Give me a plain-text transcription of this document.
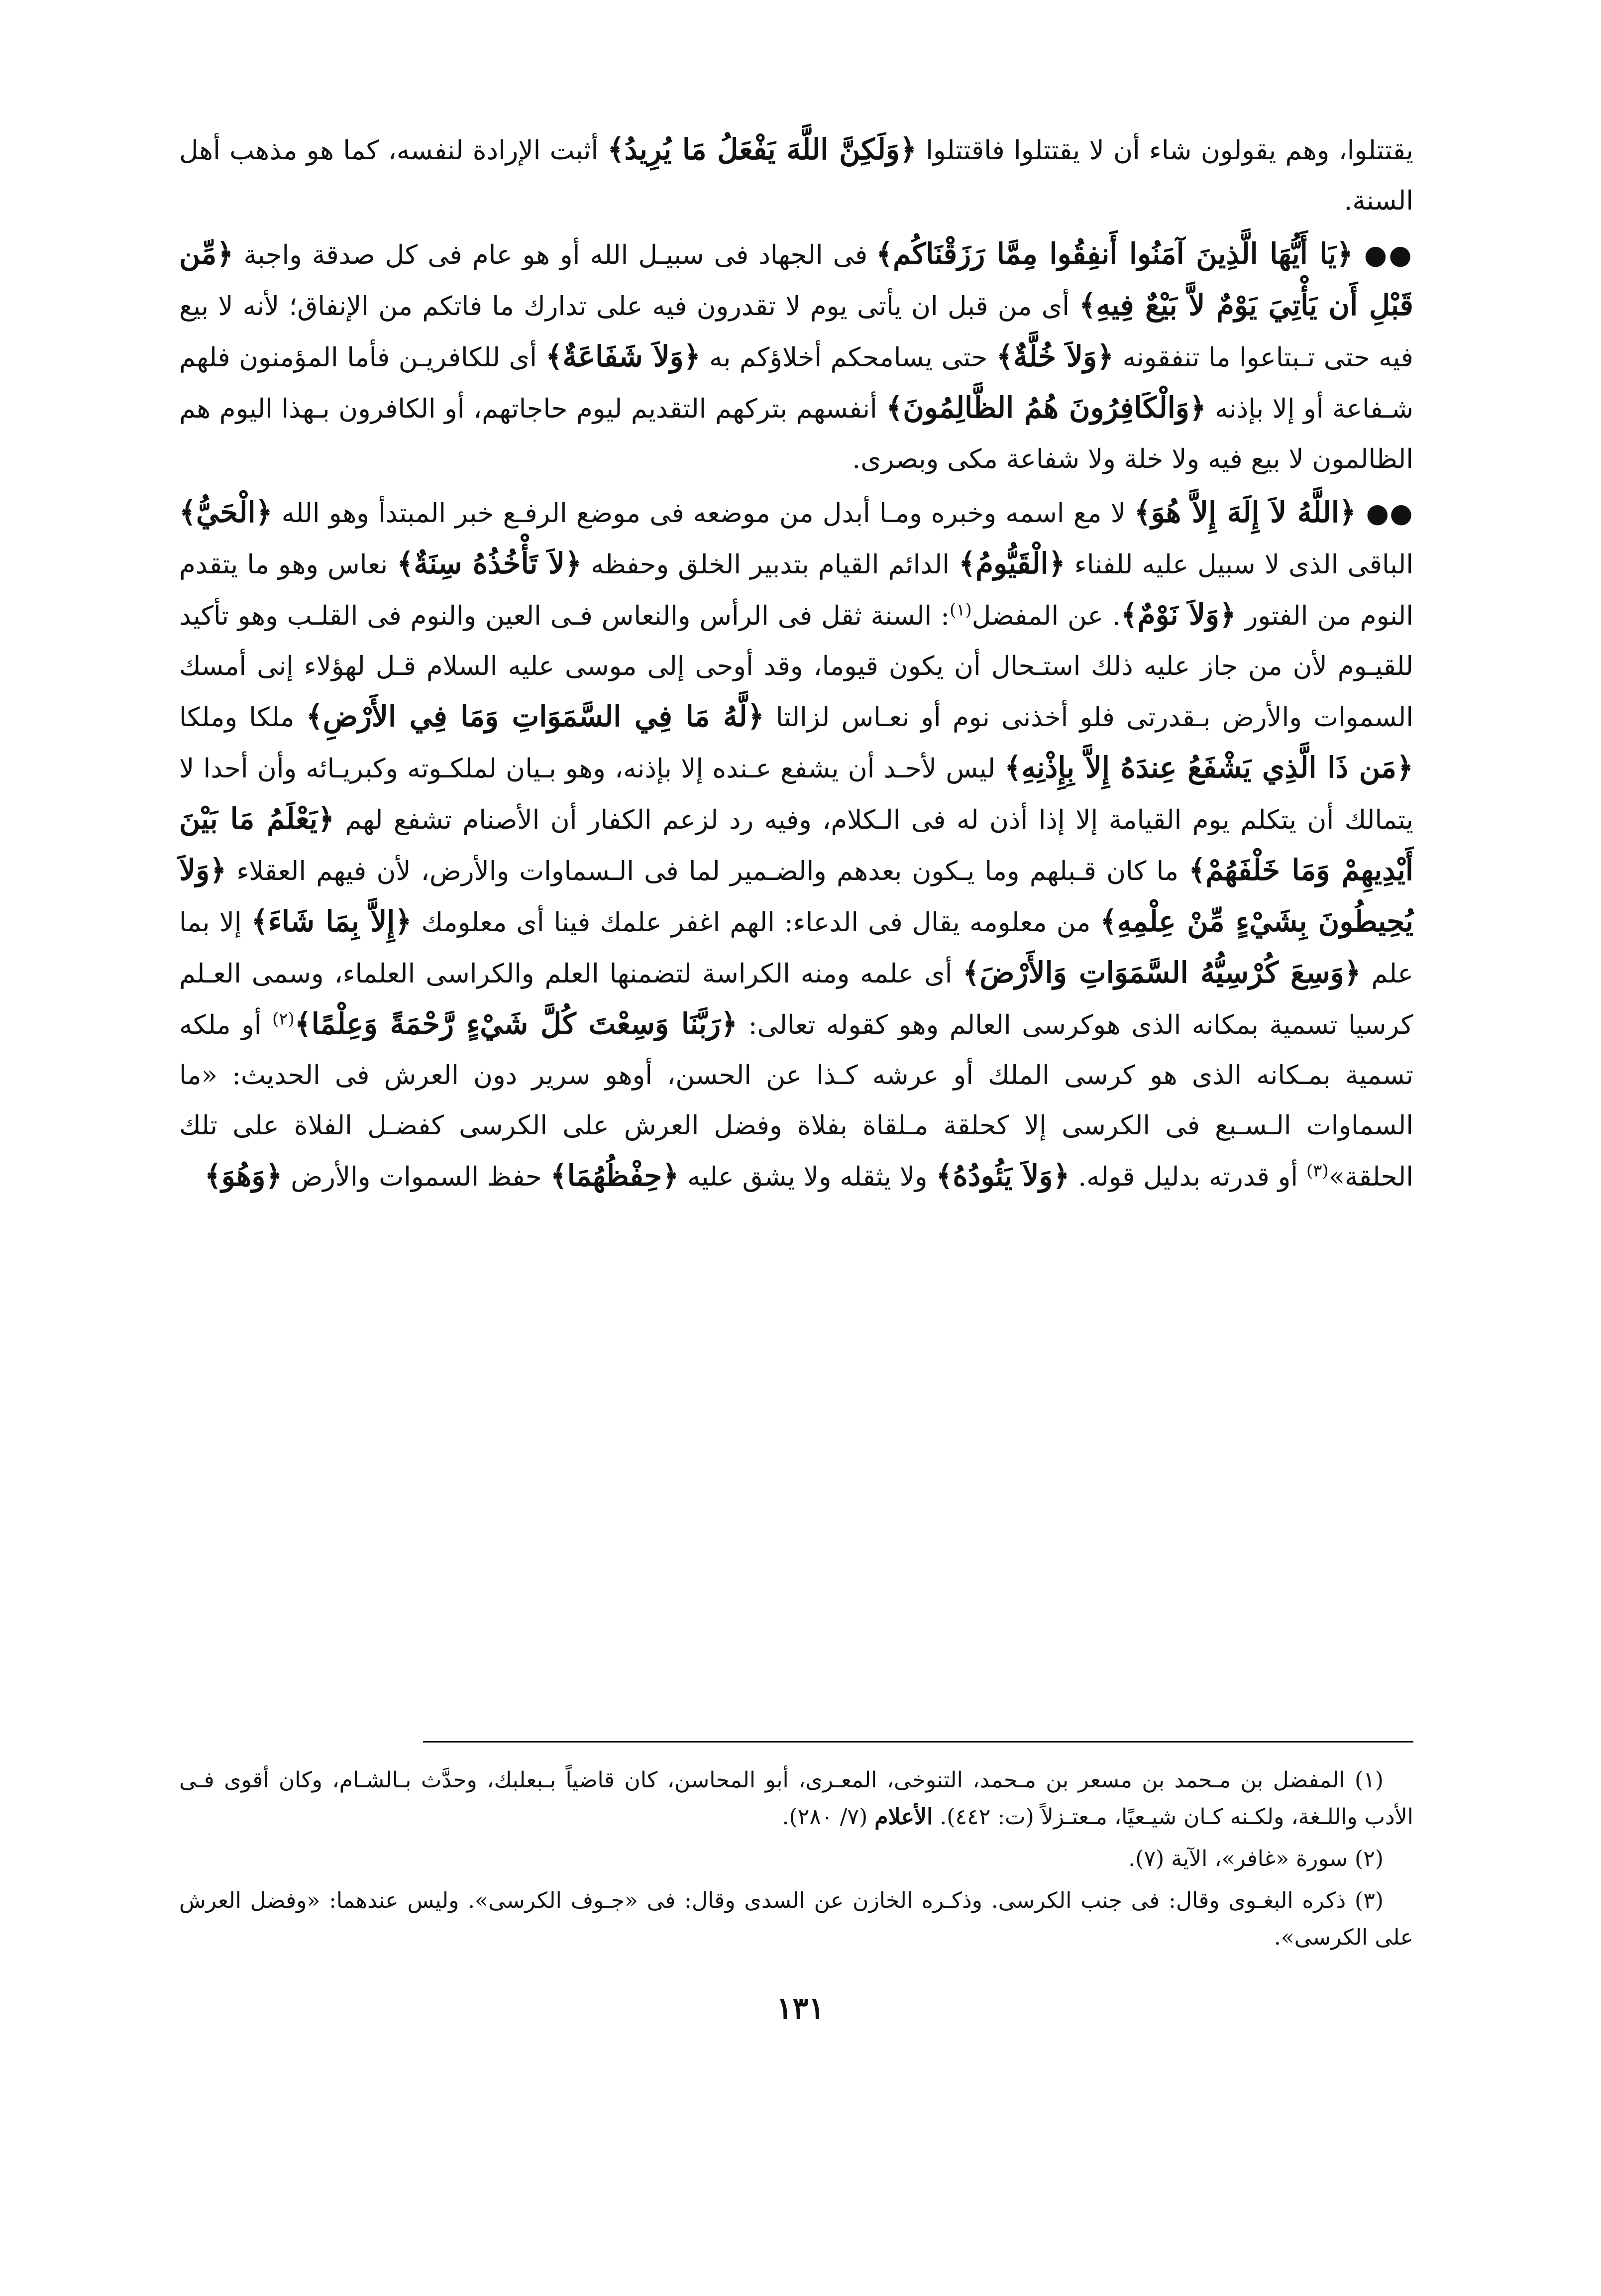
يقتتلوا، وهم يقولون شاء أن لا يقتتلوا فاقتتلوا ﴿وَلَكِنَّ اللَّهَ يَفْعَلُ مَا يُرِيدُ﴾ أثبت الإرادة لنفسه، كما هو مذهب أهل السنة.

●● ﴿يَا أَيُّهَا الَّذِينَ آمَنُوا أَنفِقُوا مِمَّا رَزَقْنَاكُم﴾ فى الجهاد فى سبيـل الله أو هو عام فى كل صدقة واجبة ﴿مِّن قَبْلِ أَن يَأْتِيَ يَوْمٌ لاَّ بَيْعٌ فِيهِ﴾ أى من قبل ان يأتى يوم لا تقدرون فيه على تدارك ما فاتكم من الإنفاق؛ لأنه لا بيع فيه حتى تـبتاعوا ما تنفقونه ﴿وَلاَ خُلَّةٌ﴾ حتى يسامحكم أخلاؤكم به ﴿وَلاَ شَفَاعَةٌ﴾ أى للكافريـن فأما المؤمنون فلهم شـفاعة أو إلا بإذنه ﴿وَالْكَافِرُونَ هُمُ الظَّالِمُونَ﴾ أنفسهم بتركهم التقديم ليوم حاجاتهم، أو الكافرون بـهذا اليوم هم الظالمون لا بيع فيه ولا خلة ولا شفاعة مكى وبصرى.

●● ﴿اللَّهُ لاَ إِلَهَ إِلاَّ هُوَ﴾ لا مع اسمه وخبره ومـا أبدل من موضعه فى موضع الرفـع خبر المبتدأ وهو الله ﴿الْحَيُّ﴾ الباقى الذى لا سبيل عليه للفناء ﴿الْقَيُّومُ﴾ الدائم القيام بتدبير الخلق وحفظه ﴿لاَ تَأْخُذُهُ سِنَةٌ﴾ نعاس وهو ما يتقدم النوم من الفتور ﴿وَلاَ نَوْمٌ﴾. عن المفضل$^{(١)}$: السنة ثقل فى الرأس والنعاس فـى العين والنوم فى القلـب وهو تأكيد للقيـوم لأن من جاز عليه ذلك استـحال أن يكون قيوما، وقد أوحى إلى موسى عليه السلام قـل لهؤلاء إنى أمسك السموات والأرض بـقدرتى فلو أخذنى نوم أو نعـاس لزالتا ﴿لَّهُ مَا فِي السَّمَوَاتِ وَمَا فِي الأَرْضِ﴾ ملكا وملكا ﴿مَن ذَا الَّذِي يَشْفَعُ عِندَهُ إِلاَّ بِإِذْنِهِ﴾ ليس لأحـد أن يشفع عـنده إلا بإذنه، وهو بـيان لملكـوته وكبريـائه وأن أحدا لا يتمالك أن يتكلم يوم القيامة إلا إذا أذن له فى الـكلام، وفيه رد لزعم الكفار أن الأصنام تشفع لهم ﴿يَعْلَمُ مَا بَيْنَ أَيْدِيهِمْ وَمَا خَلْفَهُمْ﴾ ما كان قـبلهم وما يـكون بعدهم والضـمير لما فى الـسماوات والأرض، لأن فيهم العقلاء ﴿وَلاَ يُحِيطُونَ بِشَيْءٍ مِّنْ عِلْمِهِ﴾ من معلومه يقال فى الدعاء: الهم اغفر علمك فينا أى معلومك ﴿إِلاَّ بِمَا شَاءَ﴾ إلا بما علم ﴿وَسِعَ كُرْسِيُّهُ السَّمَوَاتِ وَالأَرْضَ﴾ أى علمه ومنه الكراسة لتضمنها العلم والكراسى العلماء، وسمى العـلم كرسيا تسمية بمكانه الذى هوكرسى العالم وهو كقوله تعالى: ﴿رَبَّنَا وَسِعْتَ كُلَّ شَيْءٍ رَّحْمَةً وَعِلْمًا﴾$^{(٢)}$ أو ملكه تسمية بمـكانه الذى هو كرسى الملك أو عرشه كـذا عن الحسن، أوهو سرير دون العرش فى الحديث: «ما السماوات الـسـبع فى الكرسى إلا كحلقة مـلقاة بفلاة وفضل العرش على الكرسى كفضـل الفلاة على تلك الحلقة»$^{(٣)}$ أو قدرته بدليل قوله. ﴿وَلاَ يَئُودُهُ﴾ ولا يثقله ولا يشق عليه ﴿حِفْظُهُمَا﴾ حفظ السموات والأرض ﴿وَهُوَ﴾

(١) المفضل بن مـحمد بن مسعر بن مـحمد، التنوخى، المعـرى، أبو المحاسن، كان قاضياً بـبعلبك، وحدَّث بـالشـام، وكان أقوى فـى الأدب واللـغة، ولكـنه كـان شيـعيًا، مـعتـزلاً (ت: ٤٤٢). الأعلام (٧/ ٢٨٠).

(٢) سورة «غافر»، الآية (٧).

(٣) ذكره البغـوى وقال: فى جنب الكرسى. وذكـره الخازن عن السدى وقال: فى «جـوف الكرسى». وليس عندهما: «وفضل العرش على الكرسى».

١٣١
